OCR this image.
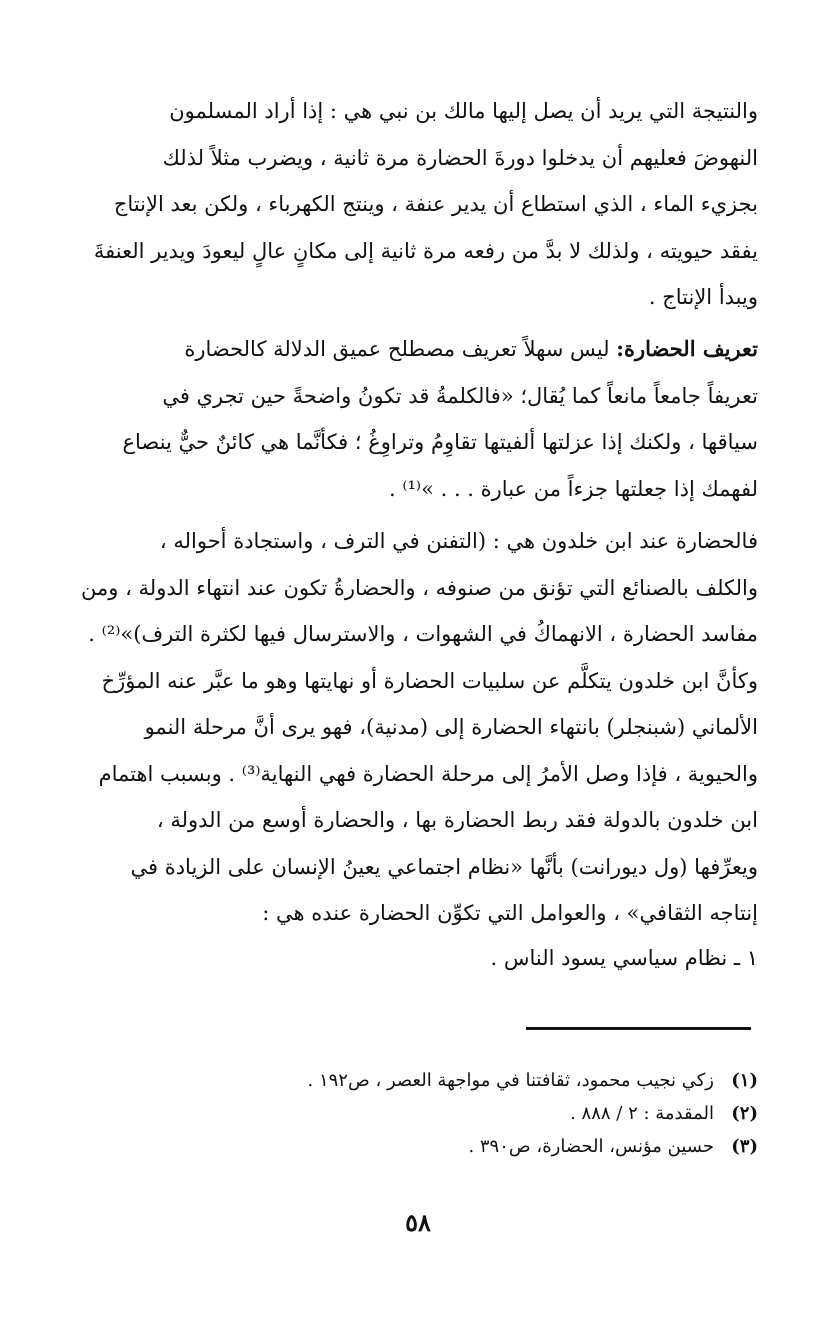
والنتيجة التي يريد أن يصل إليها مالك بن نبي هي : إذا أراد المسلمون
النهوضَ فعليهم أن يدخلوا دورةَ الحضارة مرة ثانية ، ويضرب مثلاً لذلك
بجزيء الماء ، الذي استطاع أن يدير عنفة ، وينتج الكهرباء ، ولكن بعد الإنتاج
يفقد حيويته ، ولذلك لا بدَّ من رفعه مرة ثانية إلى مكانٍ عالٍ ليعودَ ويدير العنفةَ
ويبدأ الإنتاج .
تعريف الحضارة: ليس سهلاً تعريف مصطلح عميق الدلالة كالحضارة
تعريفاً جامعاً مانعاً كما يُقال؛ «فالكلمةُ قد تكونُ واضحةً حين تجري في
سياقها ، ولكنك إذا عزلتها ألفيتها تقاوِمُ وتراوِغُ ؛ فكأنَّما هي كائنٌ حيٌّ ينصاع
لفهمك إذا جعلتها جزءاً من عبارة . . . »⁽¹⁾ .
فالحضارة عند ابن خلدون هي : (التفنن في الترف ، واستجادة أحواله ،
والكلف بالصنائع التي تؤنق من صنوفه ، والحضارةُ تكون عند انتهاء الدولة ، ومن
مفاسد الحضارة ، الانهماكُ في الشهوات ، والاسترسال فيها لكثرة الترف)»⁽²⁾ .
وكأنَّ ابن خلدون يتكلَّم عن سلبيات الحضارة أو نهايتها وهو ما عبَّر عنه المؤرِّخ
الألماني (شبنجلر) بانتهاء الحضارة إلى (مدنية)، فهو يرى أنَّ مرحلة النمو
والحيوية ، فإذا وصل الأمرُ إلى مرحلة الحضارة فهي النهاية⁽³⁾ . وبسبب اهتمام
ابن خلدون بالدولة فقد ربط الحضارة بها ، والحضارة أوسع من الدولة ،
ويعرِّفها (ول ديورانت) بأنَّها «نظام اجتماعي يعينُ الإنسان على الزيادة في
إنتاجه الثقافي» ، والعوامل التي تكوِّن الحضارة عنده هي :
١ ـ نظام سياسي يسود الناس .
(١)زكي نجيب محمود، ثقافتنا في مواجهة العصر ، ص١٩٢ .
(٢)المقدمة : ٢ / ٨٨٨ .
(٣)حسين مؤنس، الحضارة، ص٣٩٠ .
٥٨
